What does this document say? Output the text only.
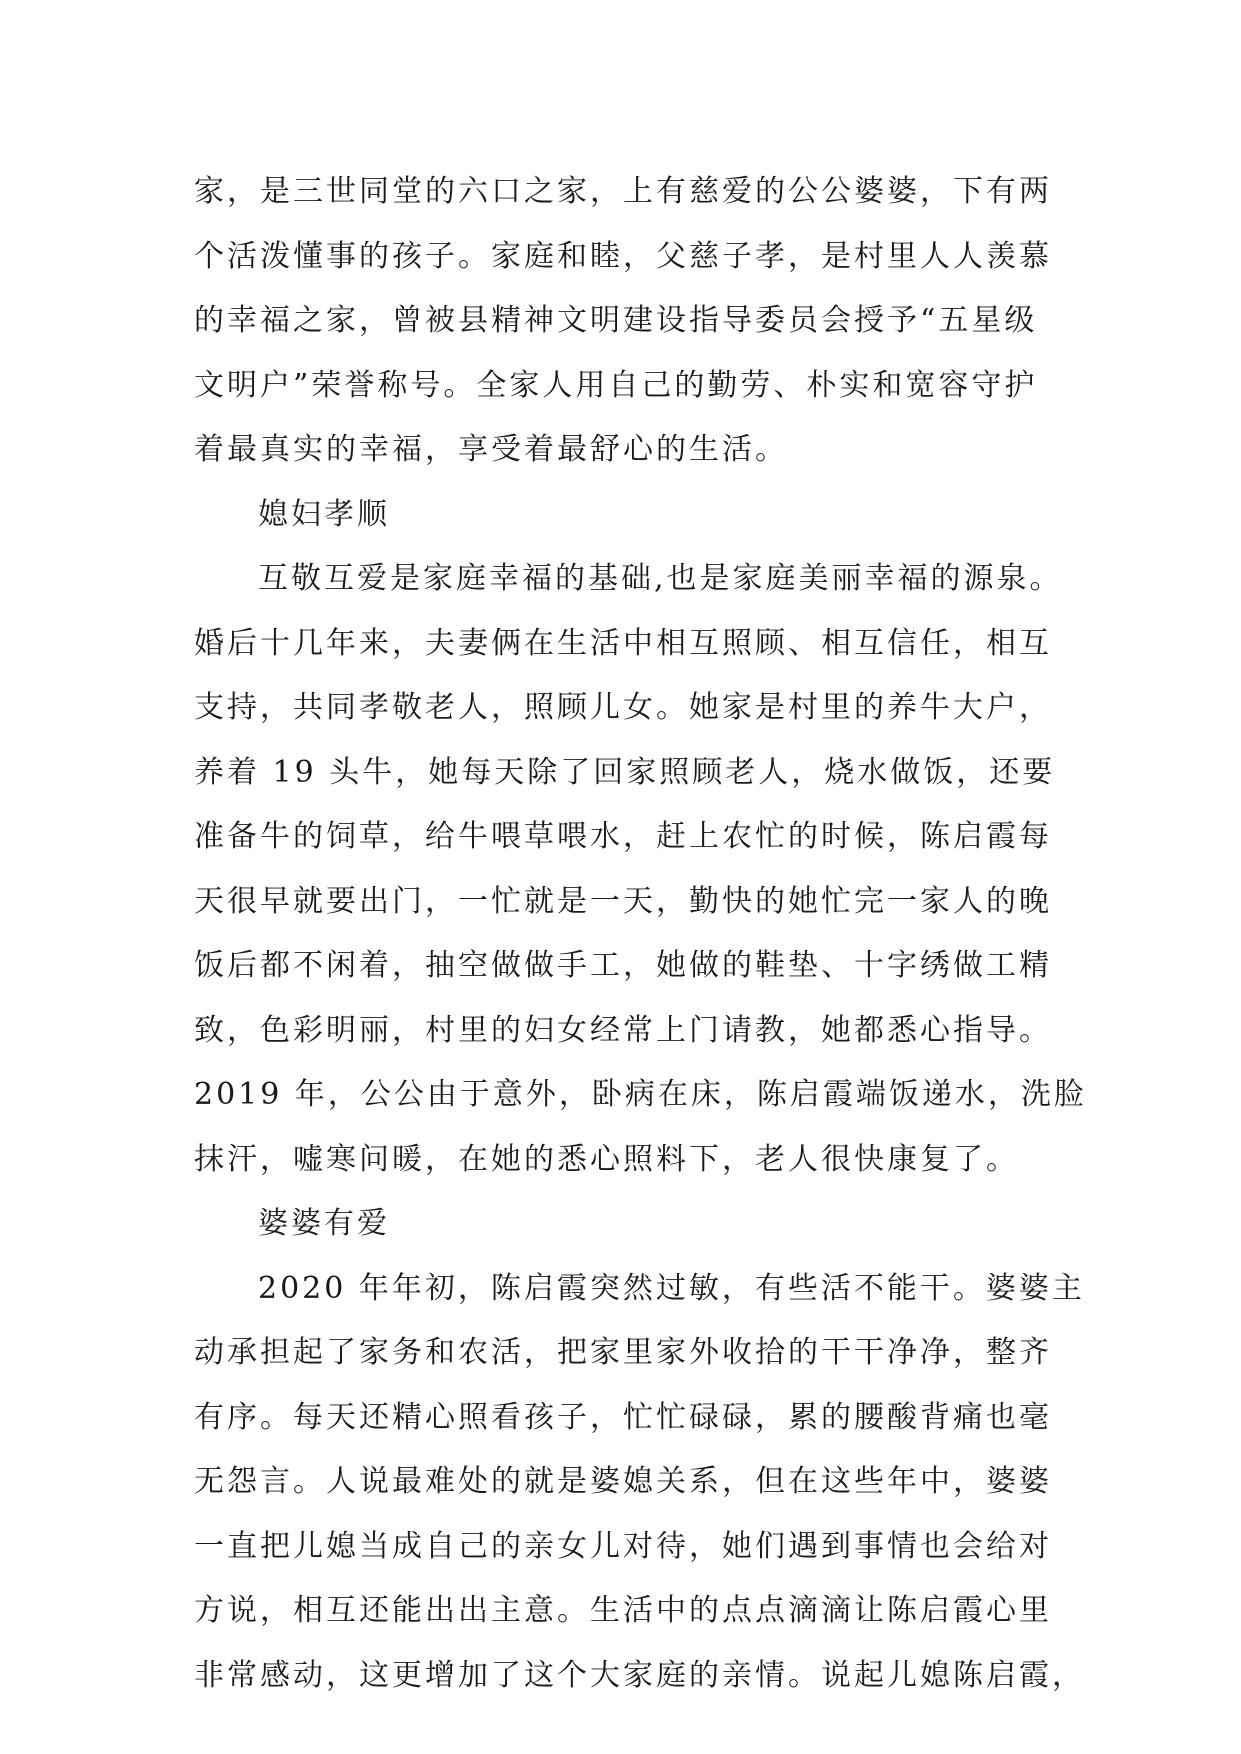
家，是三世同堂的六口之家，上有慈爱的公公婆婆，下有两
个活泼懂事的孩子。家庭和睦，父慈子孝，是村里人人羡慕
的幸福之家，曾被县精神文明建设指导委员会授予“五星级
文明户”荣誉称号。全家人用自己的勤劳、朴实和宽容守护
着最真实的幸福，享受着最舒心的生活。
媳妇孝顺
互敬互爱是家庭幸福的基础,也是家庭美丽幸福的源泉。
婚后十几年来，夫妻俩在生活中相互照顾、相互信任，相互
支持，共同孝敬老人，照顾儿女。她家是村里的养牛大户，
养着 19 头牛，她每天除了回家照顾老人，烧水做饭，还要
准备牛的饲草，给牛喂草喂水，赶上农忙的时候，陈启霞每
天很早就要出门，一忙就是一天，勤快的她忙完一家人的晚
饭后都不闲着，抽空做做手工，她做的鞋垫、十字绣做工精
致，色彩明丽，村里的妇女经常上门请教，她都悉心指导。
2019 年，公公由于意外，卧病在床，陈启霞端饭递水，洗脸
抹汗，嘘寒问暖，在她的悉心照料下，老人很快康复了。
婆婆有爱
2020 年年初，陈启霞突然过敏，有些活不能干。婆婆主
动承担起了家务和农活，把家里家外收拾的干干净净，整齐
有序。每天还精心照看孩子，忙忙碌碌，累的腰酸背痛也毫
无怨言。人说最难处的就是婆媳关系，但在这些年中，婆婆
一直把儿媳当成自己的亲女儿对待，她们遇到事情也会给对
方说，相互还能出出主意。生活中的点点滴滴让陈启霞心里
非常感动，这更增加了这个大家庭的亲情。说起儿媳陈启霞，
